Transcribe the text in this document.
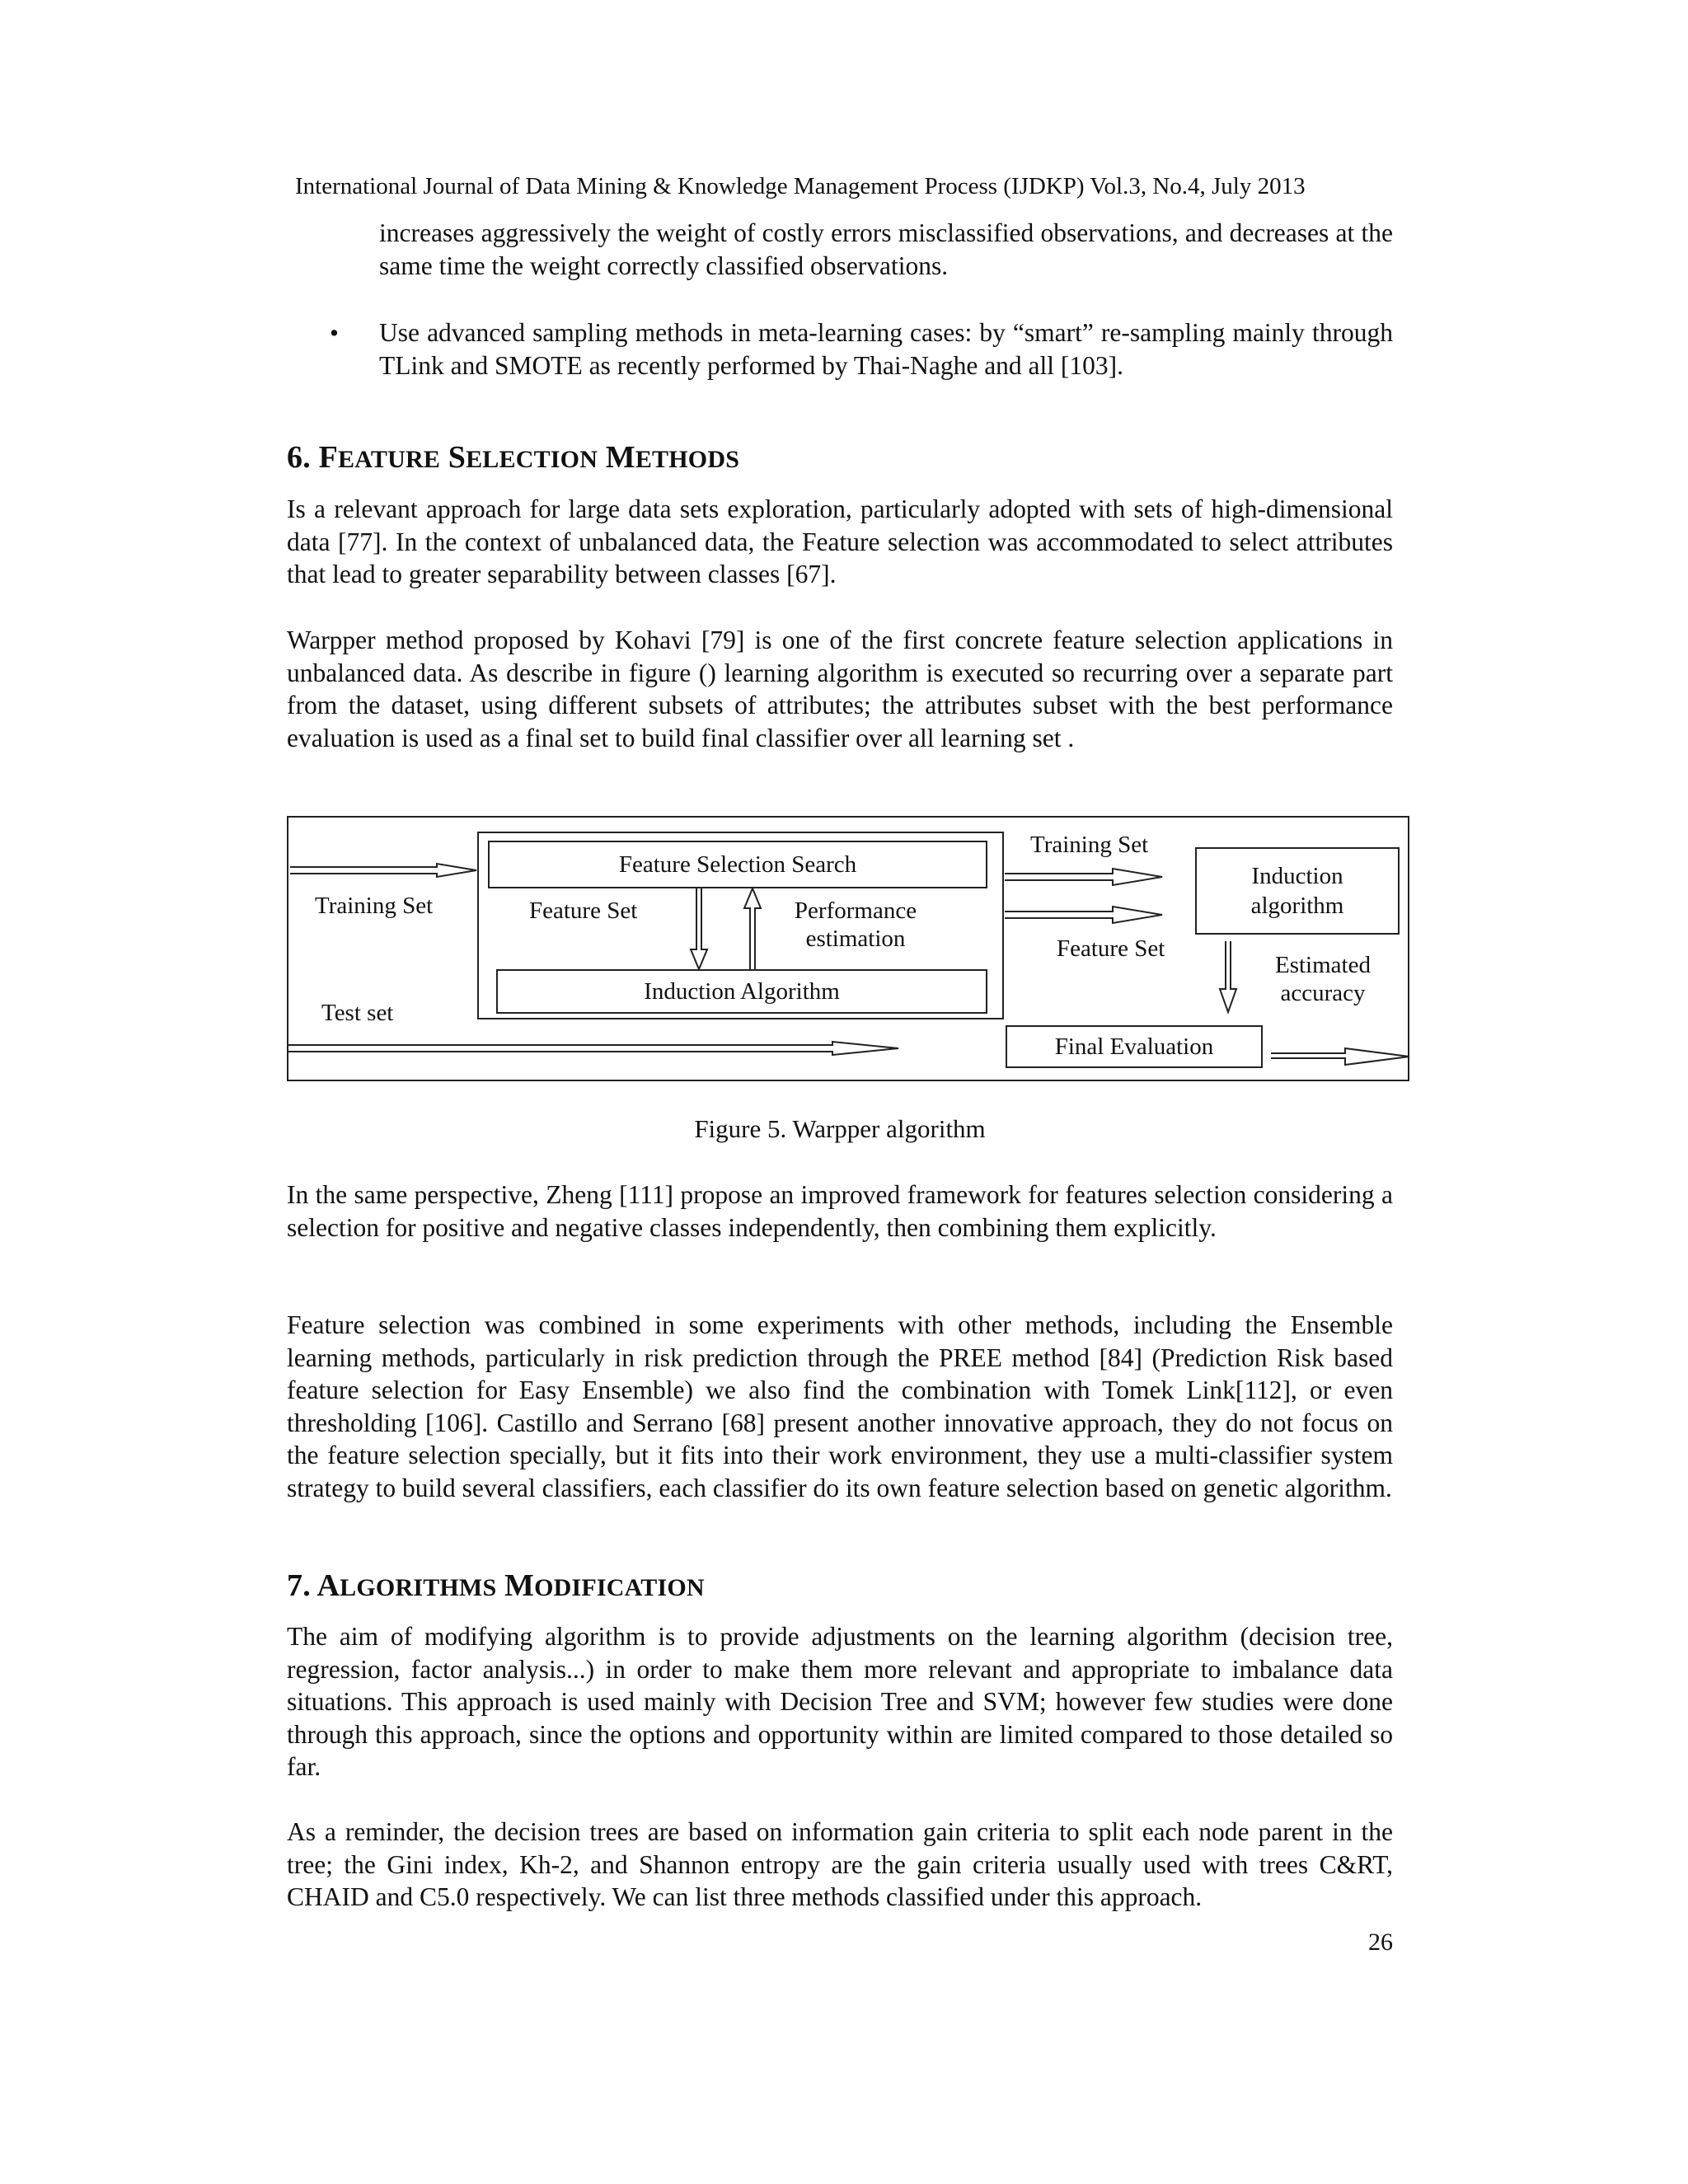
International Journal of Data Mining & Knowledge Management Process (IJDKP) Vol.3, No.4, July 2013

increases aggressively the weight of costly errors misclassified observations, and decreases at the same time the weight correctly classified observations.

• Use advanced sampling methods in meta-learning cases: by “smart” re-sampling mainly through TLink and SMOTE as recently performed by Thai-Naghe and all [103].

6. FEATURE SELECTION METHODS

Is a relevant approach for large data sets exploration, particularly adopted with sets of high-dimensional data [77]. In the context of unbalanced data, the Feature selection was accommodated to select attributes that lead to greater separability between classes [67].

Warpper method proposed by Kohavi [79] is one of the first concrete feature selection applications in unbalanced data. As describe in figure () learning algorithm is executed so recurring over a separate part from the dataset, using different subsets of attributes; the attributes subset with the best performance evaluation is used as a final set to build final classifier over all learning set .

Training Set
Test set
Feature Selection Search
Feature Set	Performance estimation
Induction Algorithm
Training Set
Feature Set
Induction algorithm
Estimated accuracy
Final Evaluation
Figure 5. Warpper algorithm

In the same perspective, Zheng [111] propose an improved framework for features selection considering a selection for positive and negative classes independently, then combining them explicitly.

Feature selection was combined in some experiments with other methods, including the Ensemble learning methods, particularly in risk prediction through the PREE method [84] (Prediction Risk based feature selection for Easy Ensemble) we also find the combination with Tomek Link[112], or even thresholding [106]. Castillo and Serrano [68] present another innovative approach, they do not focus on the feature selection specially, but it fits into their work environment, they use a multi-classifier system strategy to build several classifiers, each classifier do its own feature selection based on genetic algorithm.

7. ALGORITHMS MODIFICATION

The aim of modifying algorithm is to provide adjustments on the learning algorithm (decision tree, regression, factor analysis...) in order to make them more relevant and appropriate to imbalance data situations. This approach is used mainly with Decision Tree and SVM; however few studies were done through this approach, since the options and opportunity within are limited compared to those detailed so far.

As a reminder, the decision trees are based on information gain criteria to split each node parent in the tree; the Gini index, Kh-2, and Shannon entropy are the gain criteria usually used with trees C&RT, CHAID and C5.0 respectively. We can list three methods classified under this approach.

26
